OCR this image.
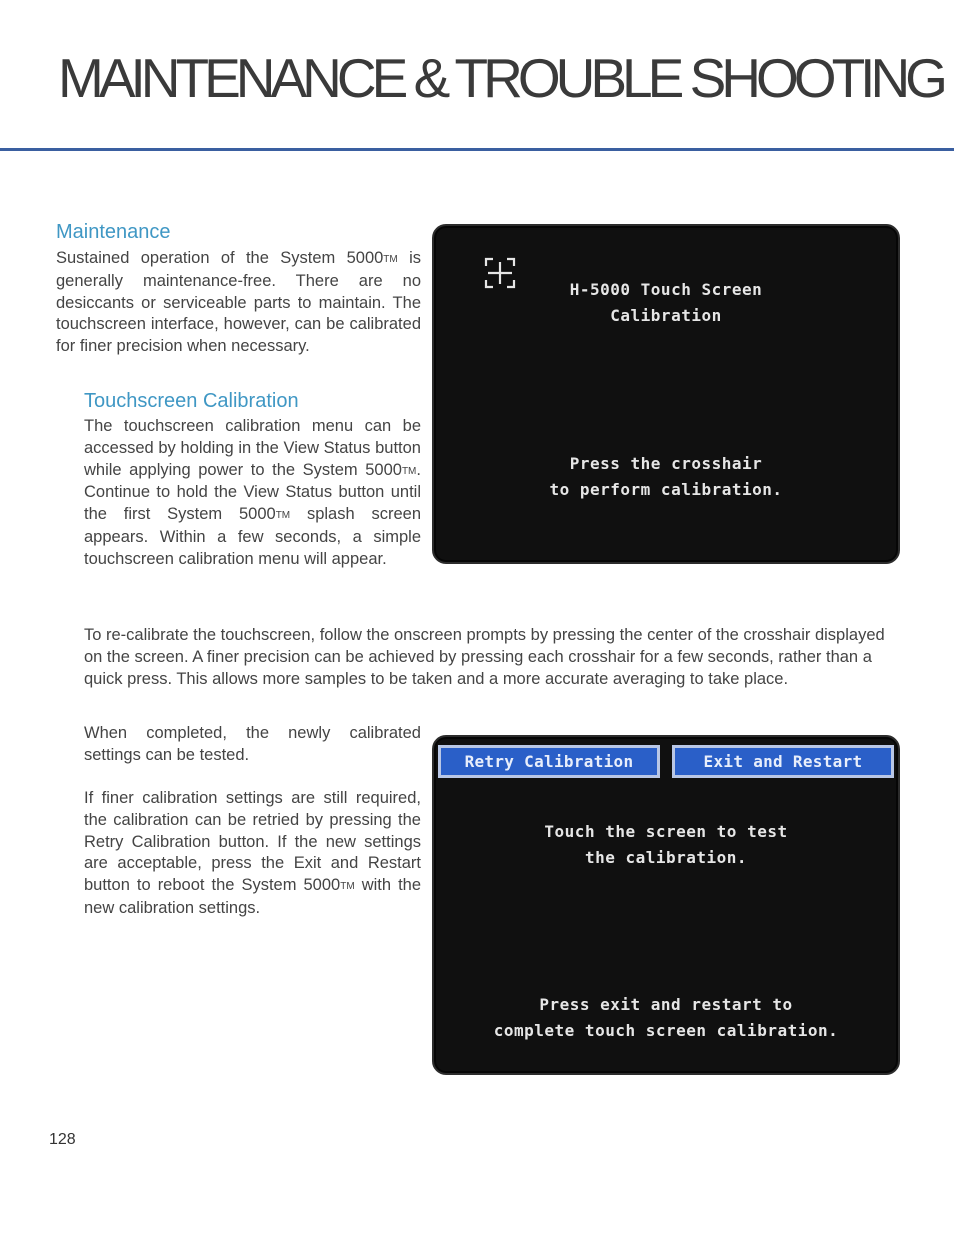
MAINTENANCE & TROUBLE SHOOTING
Maintenance

Sustained operation of the System 5000TM is generally maintenance-free. There are no desiccants or serviceable parts to maintain. The touchscreen interface, however, can be calibrated for finer precision when necessary.

Touchscreen Calibration

The touchscreen calibration menu can be accessed by holding in the View Status button while applying power to the System 5000TM. Continue to hold the View Status button until the first System 5000TM splash screen appears. Within a few seconds, a simple touchscreen calibration menu will appear.

H-5000 Touch Screen
Calibration

Press the crosshair
to perform calibration.

To re-calibrate the touchscreen, follow the onscreen prompts by pressing the center of the crosshair displayed on the screen. A finer precision can be achieved by pressing each crosshair for a few seconds, rather than a quick press. This allows more samples to be taken and a more accurate averaging to take place.

When completed, the newly calibrated settings can be tested.

If finer calibration settings are still required, the calibration can be retried by pressing the Retry Calibration button. If the new settings are acceptable, press the Exit and Restart button to reboot the System 5000TM with the new calibration settings.

Retry Calibration	Exit and Restart

Touch the screen to test
the calibration.

Press exit and restart to
complete touch screen calibration.

128
